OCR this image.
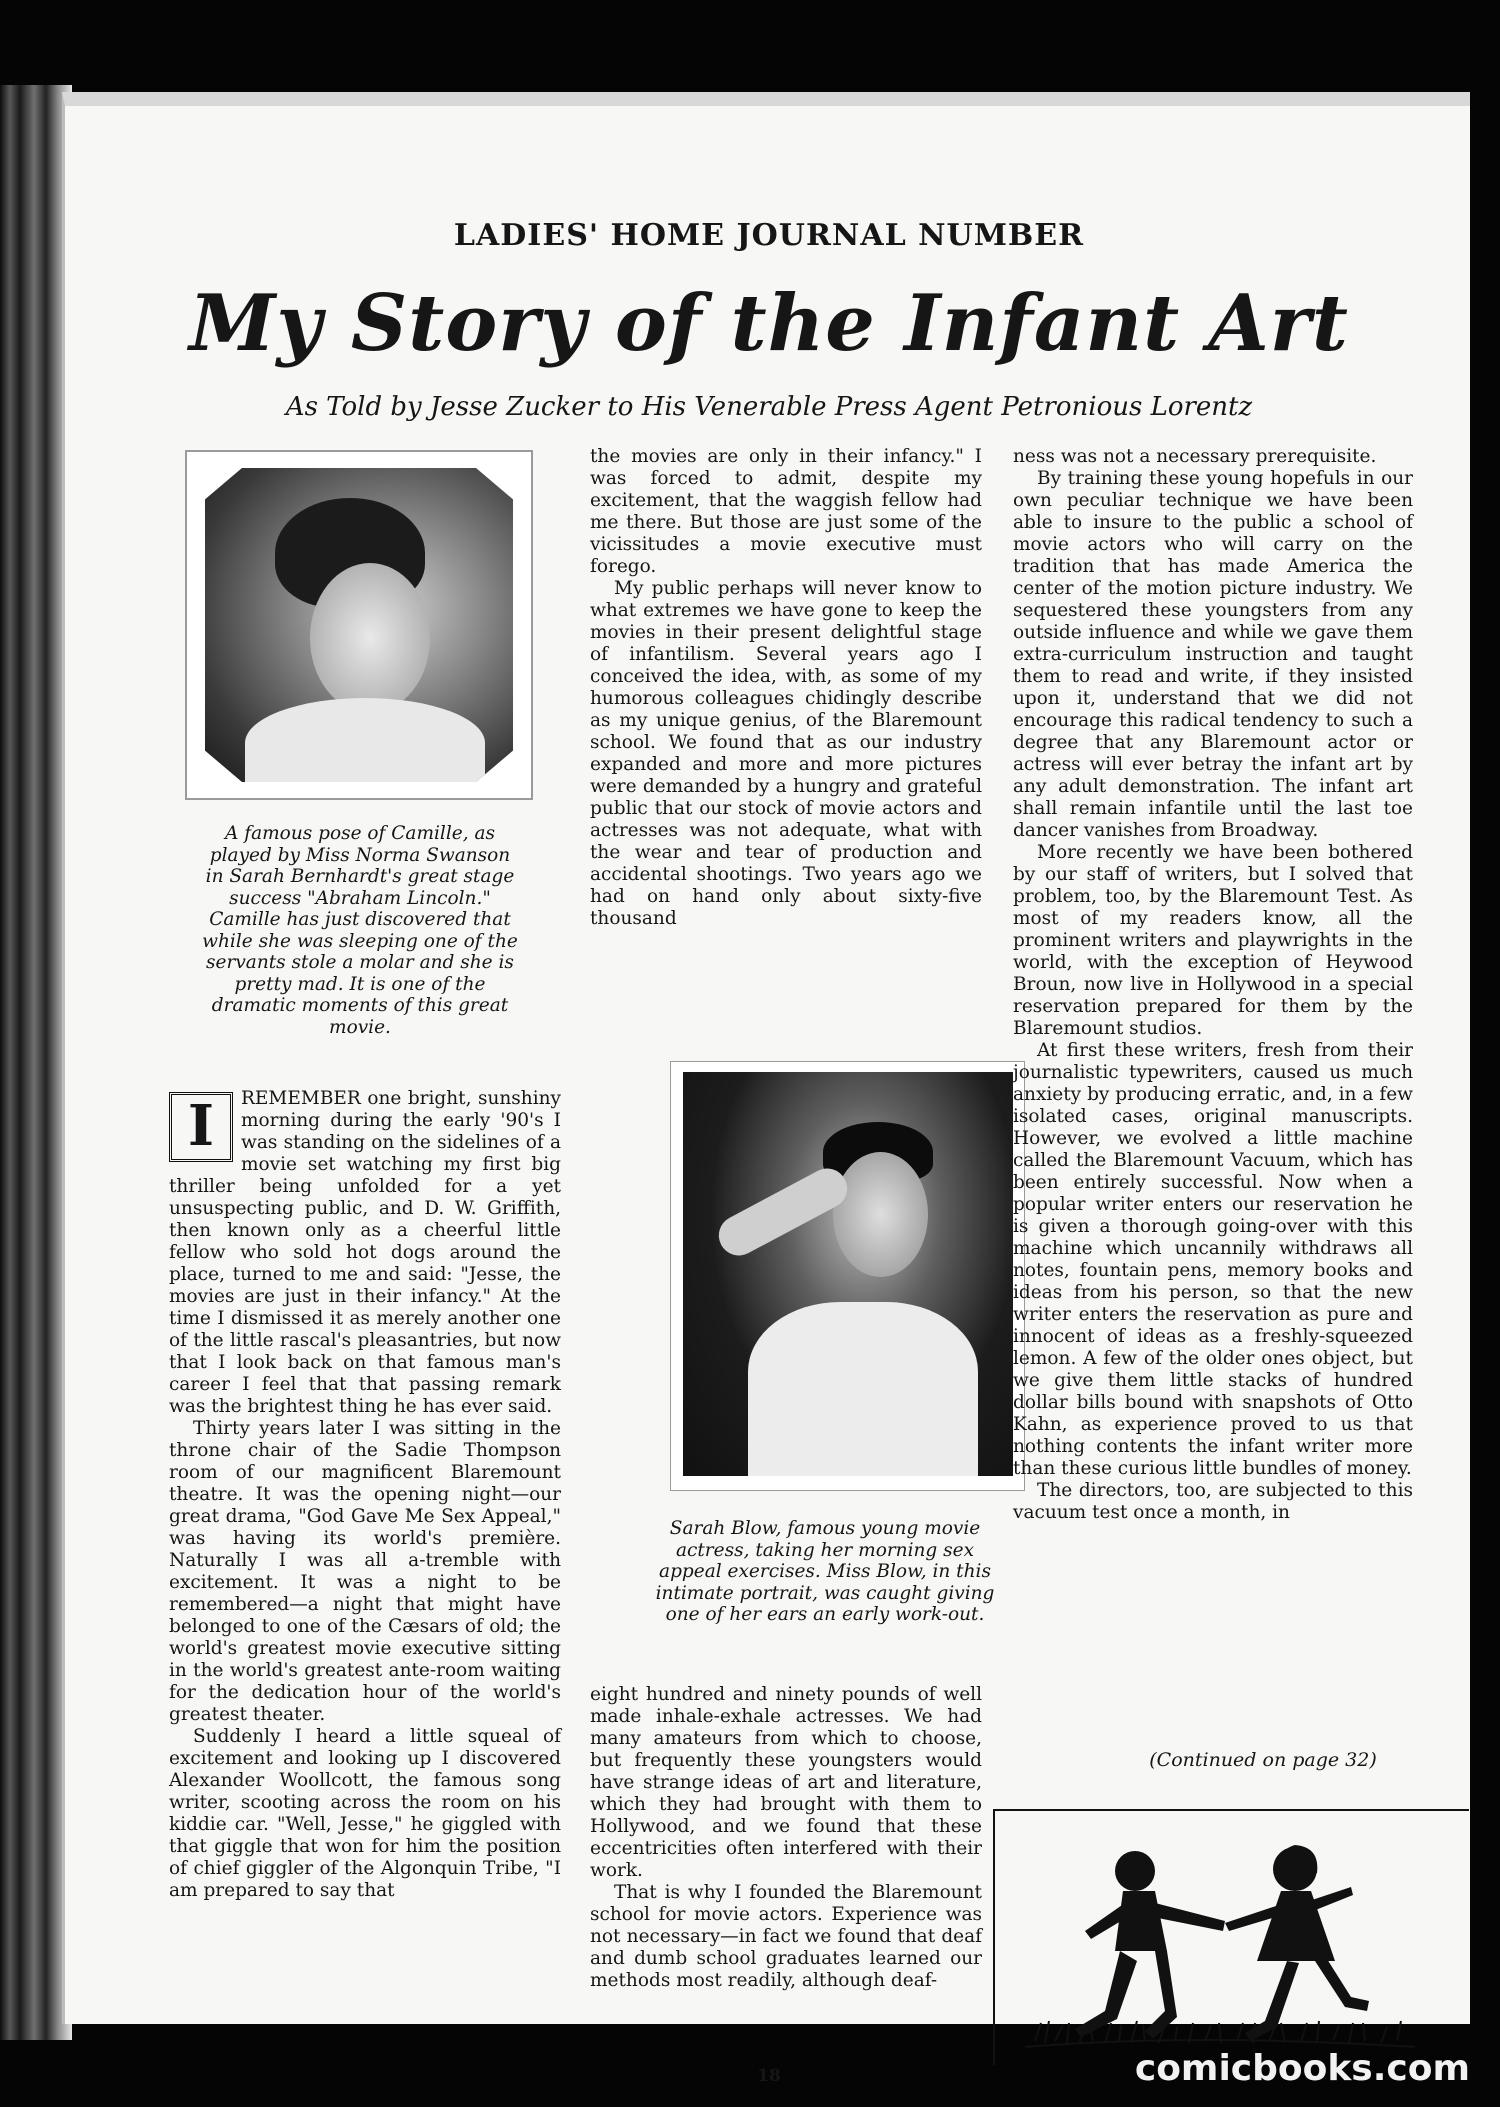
LADIES' HOME JOURNAL NUMBER
My Story of the Infant Art

As Told by Jesse Zucker to His Venerable Press Agent Petronious Lorentz

A famous pose of Camille, as played by Miss Norma Swanson in Sarah Bernhardt's great stage success "Abraham Lincoln." Camille has just discovered that while she was sleeping one of the servants stole a molar and she is pretty mad. It is one of the dramatic moments of this great movie.

I	REMEMBER one bright, sunshiny morning during the early '90's I was standing on the sidelines of a movie set watching my first big thriller being unfolded for a yet unsuspecting public, and D. W. Griffith, then known only as a cheerful little fellow who sold hot dogs around the place, turned to me and said: "Jesse, the movies are just in their infancy." At the time I dismissed it as merely another one of the little rascal's pleasantries, but now that I look back on that famous man's career I feel that that passing remark was the brightest thing he has ever said.

Thirty years later I was sitting in the throne chair of the Sadie Thompson room of our magnificent Blaremount theatre. It was the opening night—our great drama, "God Gave Me Sex Appeal," was having its world's première. Naturally I was all a-tremble with excitement. It was a night to be remembered—a night that might have belonged to one of the Cæsars of old; the world's greatest movie executive sitting in the world's greatest ante-room waiting for the dedication hour of the world's greatest theater.

Suddenly I heard a little squeal of excitement and looking up I discovered Alexander Woollcott, the famous song writer, scooting across the room on his kiddie car. "Well, Jesse," he giggled with that giggle that won for him the position of chief giggler of the Algonquin Tribe, "I am prepared to say that

the movies are only in their infancy." I was forced to admit, despite my excitement, that the waggish fellow had me there. But those are just some of the vicissitudes a movie executive must forego.

My public perhaps will never know to what extremes we have gone to keep the movies in their present delightful stage of infantilism. Several years ago I conceived the idea, with, as some of my humorous colleagues chidingly describe as my unique genius, of the Blaremount school. We found that as our industry expanded and more and more pictures were demanded by a hungry and grateful public that our stock of movie actors and actresses was not adequate, what with the wear and tear of production and accidental shootings. Two years ago we had on hand only about sixty-five thousand

Sarah Blow, famous young movie actress, taking her morning sex appeal exercises. Miss Blow, in this intimate portrait, was caught giving one of her ears an early work-out.

eight hundred and ninety pounds of well made inhale-exhale actresses. We had many amateurs from which to choose, but frequently these youngsters would have strange ideas of art and literature, which they had brought with them to Hollywood, and we found that these eccentricities often interfered with their work.

That is why I founded the Blaremount school for movie actors. Experience was not necessary—in fact we found that deaf and dumb school graduates learned our methods most readily, although deaf-

ness was not a necessary prerequisite.

By training these young hopefuls in our own peculiar technique we have been able to insure to the public a school of movie actors who will carry on the tradition that has made America the center of the motion picture industry. We sequestered these youngsters from any outside influence and while we gave them extra-curriculum instruction and taught them to read and write, if they insisted upon it, understand that we did not encourage this radical tendency to such a degree that any Blaremount actor or actress will ever betray the infant art by any adult demonstration. The infant art shall remain infantile until the last toe dancer vanishes from Broadway.

More recently we have been bothered by our staff of writers, but I solved that problem, too, by the Blaremount Test. As most of my readers know, all the prominent writers and playwrights in the world, with the exception of Heywood Broun, now live in Hollywood in a special reservation prepared for them by the Blaremount studios.

At first these writers, fresh from their journalistic typewriters, caused us much anxiety by producing erratic, and, in a few isolated cases, original manuscripts. However, we evolved a little machine called the Blaremount Vacuum, which has been entirely successful. Now when a popular writer enters our reservation he is given a thorough going-over with this machine which uncannily withdraws all notes, fountain pens, memory books and ideas from his person, so that the new writer enters the reservation as pure and innocent of ideas as a freshly-squeezed lemon. A few of the older ones object, but we give them little stacks of hundred dollar bills bound with snapshots of Otto Kahn, as experience proved to us that nothing contents the infant writer more than these curious little bundles of money.

The directors, too, are subjected to this vacuum test once a month, in

(Continued on page 32)

18	comicbooks.com
